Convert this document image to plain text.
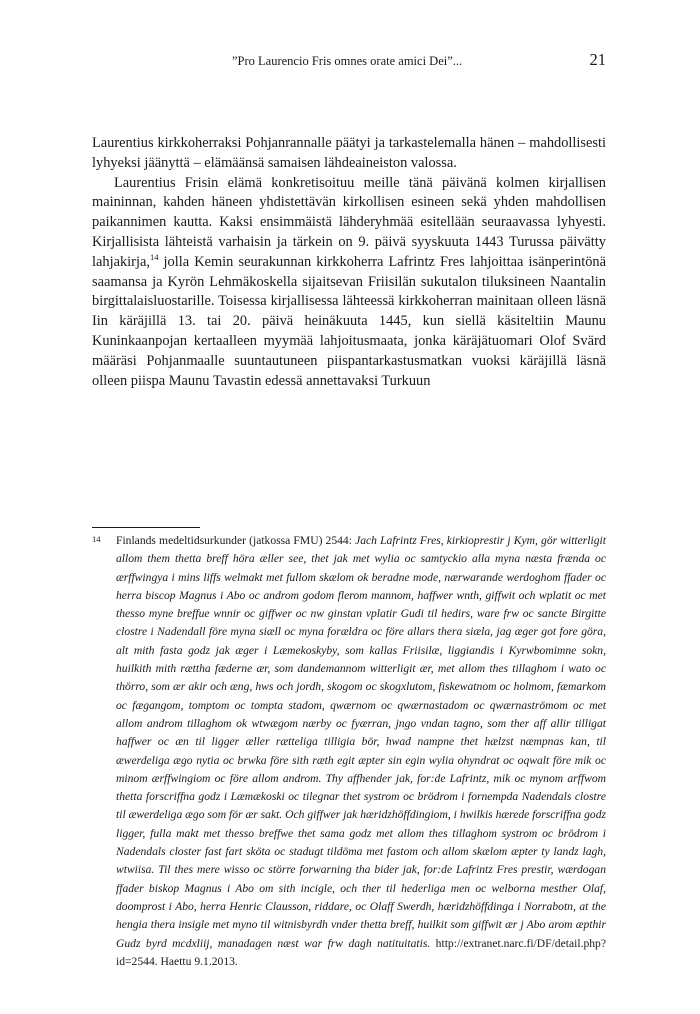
”Pro Laurencio Fris omnes orate amici Dei”...	21

Laurentius kirkkoherraksi Pohjanrannalle päätyi ja tarkastelemalla hänen – mahdollisesti lyhyeksi jäänyttä – elämäänsä samaisen lähdeaineiston valossa.

Laurentius Frisin elämä konkretisoituu meille tänä päivänä kolmen kirjallisen maininnan, kahden häneen yhdistettävän kirkollisen esineen sekä yhden mahdollisen paikannimen kautta. Kaksi ensimmäistä lähderyhmää esitellään seuraavassa lyhyesti. Kirjallisista lähteistä varhaisin ja tärkein on 9. päivä syyskuuta 1443 Turussa päivätty lahjakirja,$^{14}$ jolla Kemin seurakunnan kirkkoherra Lafrintz Fres lahjoittaa isänperintönä saamansa ja Kyrön Lehmäkoskella sijaitsevan Friisilän sukutalon tiluksineen Naantalin birgittalaisluostarille. Toisessa kirjallisessa lähteessä kirkkoherran mainitaan olleen läsnä Iin käräjillä 13. tai 20. päivä heinäkuuta 1445, kun siellä käsiteltiin Maunu Kuninkaanpojan kertaalleen myymää lahjoitusmaata, jonka käräjätuomari Olof Svärd määräsi Pohjanmaalle suuntautuneen piispantarkastusmatkan vuoksi käräjillä läsnä olleen piispa Maunu Tavastin edessä annettavaksi Turkuun

14 Finlands medeltidsurkunder (jatkossa FMU) 2544: Jach Lafrintz Fres, kirkioprestir j Kym, gör witterligit allom them thetta breff höra æller see, thet jak met wylia oc samtyckio alla myna næsta frænda oc ærffwingya i mins liffs welmakt met fullom skælom ok beradne mode, nærwarande werdoghom ffader oc herra biscop Magnus i Abo oc androm godom flerom mannom, haffwer wnth, giffwit och wplatit oc met thesso myne breffue wnnir oc giffwer oc nw ginstan vplatir Gudi til hedirs, ware frw oc sancte Birgitte clostre i Nadendall före myna siæll oc myna forældra oc före allars thera siæla, jag æger got fore göra, alt mith fasta godz jak æger i Læmekoskyby, som kallas Friisilæ, liggiandis i Kyrwbomimne sokn, huilkith mith rættha fæderne ær, som dandemannom witterligit ær, met allom thes tillaghom i wato oc thörro, som ær akir och æng, hws och jordh, skogom oc skogxlutom, fiskewatnom oc holmom, fæmarkom oc fægangom, tomptom oc tompta stadom, qwærnom oc qwærnastadom oc qwærnaströmom oc met allom androm tillaghom ok wtwægom nærby oc fyærran, jngo vndan tagno, som ther aff allir tilligat haffwer oc æn til ligger æller rætteliga tilligia bör, hwad nampne thet hælzst næmpnas kan, til æwerdeliga ægo nytia oc brwka före sith ræth egit æpter sin egin wylia ohyndrat oc oqwalt före mik oc minom ærffwingiom oc före allom androm. Thy affhender jak, for:de Lafrintz, mik oc mynom arffwom thetta forscriffna godz i Læmækoski oc tilegnar thet systrom oc brödrom i fornempda Nadendals clostre til æwerdeliga ægo som för ær sakt. Och giffwer jak hæridzhöffdingiom, i hwilkis hærede forscriffna godz ligger, fulla makt met thesso breffwe thet sama godz met allom thes tillaghom systrom oc brödrom i Nadendals closter fast fart sköta oc stadugt tildöma met fastom och allom skælom æpter ty landz lagh, wtwiisa. Til thes mere wisso oc större forwarning tha bider jak, for:de Lafrintz Fres prestir, wærdogan ffader biskop Magnus i Abo om sith incigle, och ther til hederliga men oc welborna mesther Olaf, doomprost i Abo, herra Henric Clausson, riddare, oc Olaff Swerdh, hæridzhöffdinga i Norrabotn, at the hengia thera insigle met myno til witnisbyrdh vnder thetta breff, huilkit som giffwit ær j Abo arom æpthir Gudz byrd mcdxliij, manadagen næst war frw dagh natituitatis. http://extranet.narc.fi/DF/detail.php?id=2544. Haettu 9.1.2013.
